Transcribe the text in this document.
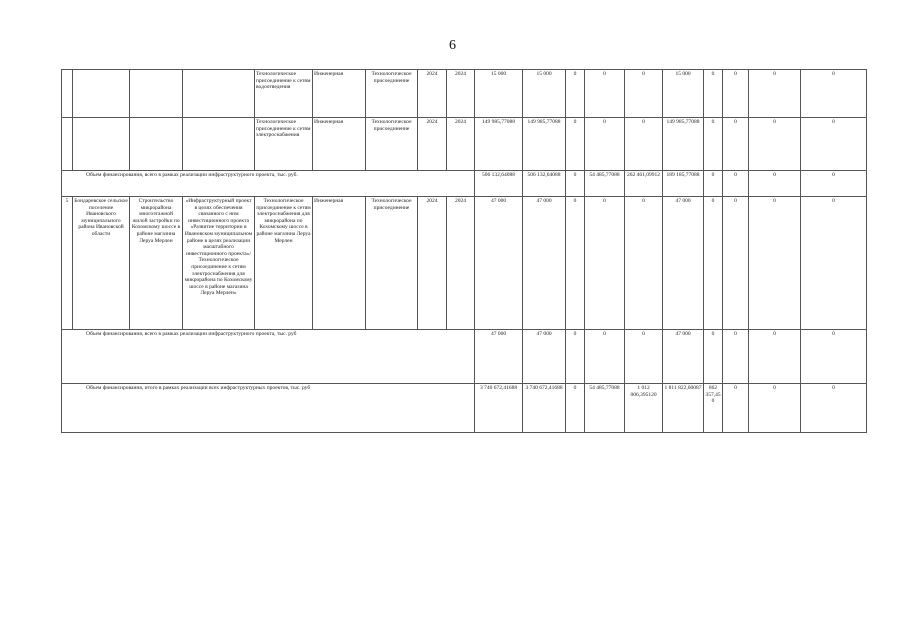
6
				Технологическое присоединение к сетям водоотведения	Инженерная	Технологическое присоединение	2024	2024	15 000	15 000	0	0	0	15 000	0	0	0	0
				Технологическое присоединение к сетям электроснабжения	Инженерная	Технологическое присоединение	2024	2024	149 985,77088	149 985,77088	0	0	0	149 985,77088	0	0	0	0
Объем финансирования, всего в рамках реализации инфраструктурного проекта, тыс. руб.									506 132,64088	506 132,64088	0	54 485,77088	262 461,09912	189 185,77088	0	0	0	0
5	Бондаревское сельское поселение Ивановского муниципального района Ивановской области	Строительство микрорайона многоэтажной жилой застройки по Кохомскому шоссе в районе магазина Леруа Мерлен	«Инфраструктурный проект в целях обеспечения связанного с ним инвестиционного проекта «Развитие территории в Ивановском муниципальном районе в целях реализации масштабного инвестиционного проекта»/Технологическое присоединение к сетям электроснабжения для микрорайона по Кохомскому шоссе в районе магазина Леруа Мерлен»	Технологическое присоединение к сетям электроснабжения для микрорайона по Кохомскому шоссе в районе магазина Леруа Мерлен	Инженерная	Технологическое присоединение	2024	2024	47 000	47 000	0	0	0	47 000	0	0	0	0
Объем финансирования, всего в рамках реализации инфраструктурного проекта, тыс. руб									47 000	47 000	0	0	0	47 000	0	0	0	0
Объем финансирования, итого в рамках реализации всех инфраструктурных проектов, тыс. руб									3 740 672,41688	3 740 672,41688	0	54 485,77088	1 012 006,395120	1 811 822,60087	862 357,450	0	0	0
